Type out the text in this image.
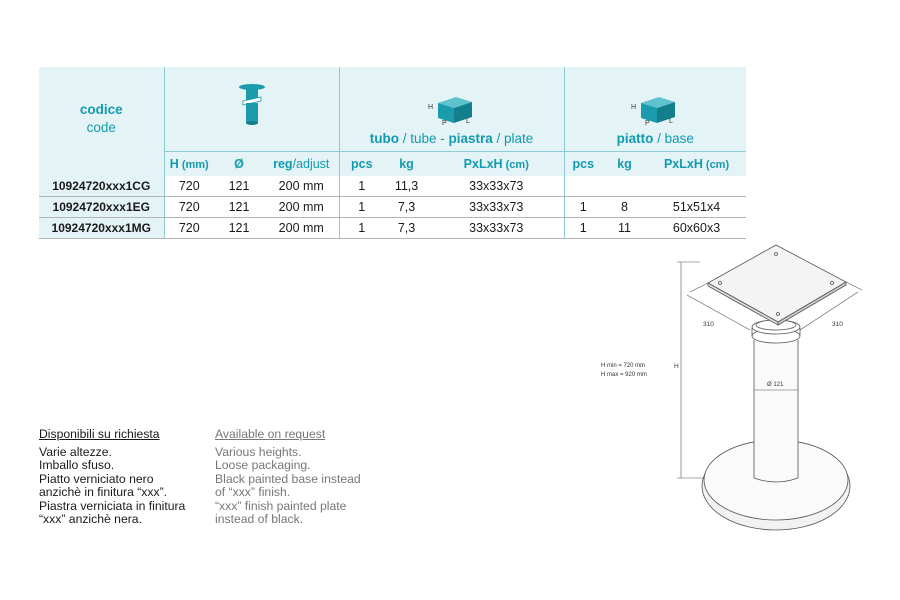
codice
code				H
P L
tubo / tube - piastra / plate			H
P L
piatto / base		
	H (mm)	Ø	reg/adjust	pcs	kg	PxLxH (cm)	pcs	kg	PxLxH (cm)
10924720xxx1CG	720	121	200 mm	1	11,3	33x33x73			
10924720xxx1EG	720	121	200 mm	1	7,3	33x33x73	1	8	51x51x4
10924720xxx1MG	720	121	200 mm	1	7,3	33x33x73	1	11	60x60x3
Disponibili su richiesta
Varie altezze.
Imballo sfuso.
Piatto verniciato nero
anzichè in finitura “xxx”.
Piastra verniciata in finitura
“xxx” anzichè nera.
Available on request
Various heights.
Loose packaging.
Black painted base instead
of “xxx” finish.
“xxx” finish painted plate
instead of black.
310	310
H min = 720 mm
H max = 920 mm
H
Ø 121
